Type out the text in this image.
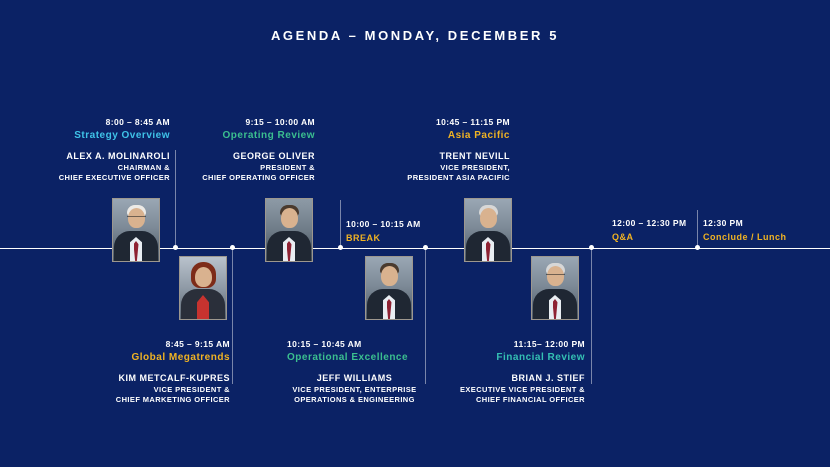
AGENDA – MONDAY, DECEMBER 5
8:00 – 8:45 AM
Strategy Overview
ALEX A. MOLINAROLI
CHAIRMAN &
CHIEF EXECUTIVE OFFICER
8:45 – 9:15 AM
Global Megatrends
KIM METCALF-KUPRES
VICE PRESIDENT &
CHIEF MARKETING OFFICER
9:15 – 10:00 AM
Operating Review
GEORGE OLIVER
PRESIDENT &
CHIEF OPERATING OFFICER
10:00 – 10:15 AM
BREAK
10:15 – 10:45 AM
Operational Excellence
JEFF WILLIAMS
VICE PRESIDENT, ENTERPRISE
OPERATIONS & ENGINEERING
10:45 – 11:15 PM
Asia Pacific
TRENT NEVILL
VICE PRESIDENT,
PRESIDENT ASIA PACIFIC
11:15– 12:00 PM
Financial Review
BRIAN J. STIEF
EXECUTIVE VICE PRESIDENT &
CHIEF FINANCIAL OFFICER
12:00 – 12:30 PM
Q&A
12:30 PM
Conclude / Lunch
